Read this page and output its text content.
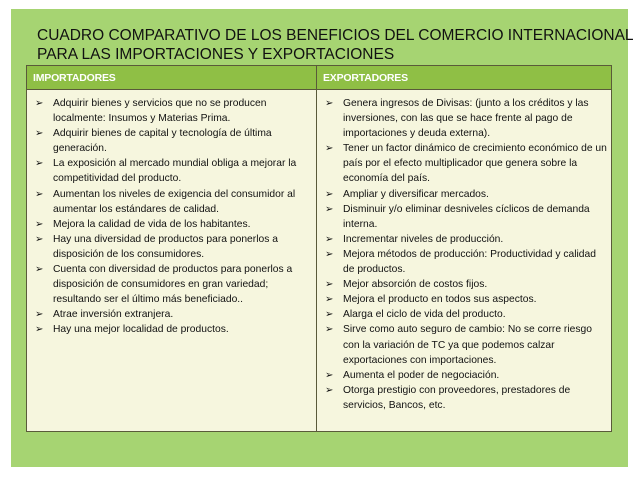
CUADRO COMPARATIVO DE LOS BENEFICIOS DEL COMERCIO INTERNACIONAL
PARA LAS IMPORTACIONES Y EXPORTACIONES
IMPORTADORES	EXPORTADORES
➢ Adquirir bienes y servicios que no se producen localmente: Insumos y Materias Prima.
➢ Adquirir bienes de capital y tecnología de última generación.
➢ La exposición al mercado mundial obliga a mejorar la competitividad del producto.
➢ Aumentan los niveles de exigencia del consumidor al aumentar los estándares de calidad.
➢ Mejora la calidad de vida de los habitantes.
➢ Hay una diversidad de productos para ponerlos a disposición de los consumidores.
➢ Cuenta con diversidad de productos para ponerlos a disposición de consumidores en gran variedad; resultando ser el último más beneficiado..
➢ Atrae inversión extranjera.
➢ Hay una mejor localidad de productos.
➢ Genera ingresos de Divisas: (junto a los créditos y las inversiones, con las que se hace frente al pago de importaciones y deuda externa).
➢ Tener un factor dinámico de crecimiento económico de un país por el efecto multiplicador que genera sobre la economía del país.
➢ Ampliar y diversificar mercados.
➢ Disminuir y/o eliminar desniveles cíclicos de demanda interna.
➢ Incrementar niveles de producción.
➢ Mejora métodos de producción: Productividad y calidad de productos.
➢ Mejor absorción de costos fijos.
➢ Mejora el producto en todos sus aspectos.
➢ Alarga el ciclo de vida del producto.
➢ Sirve como auto seguro de cambio: No se corre riesgo con la variación de TC ya que podemos calzar exportaciones con importaciones.
➢ Aumenta el poder de negociación.
➢ Otorga prestigio con proveedores, prestadores de servicios, Bancos, etc.
